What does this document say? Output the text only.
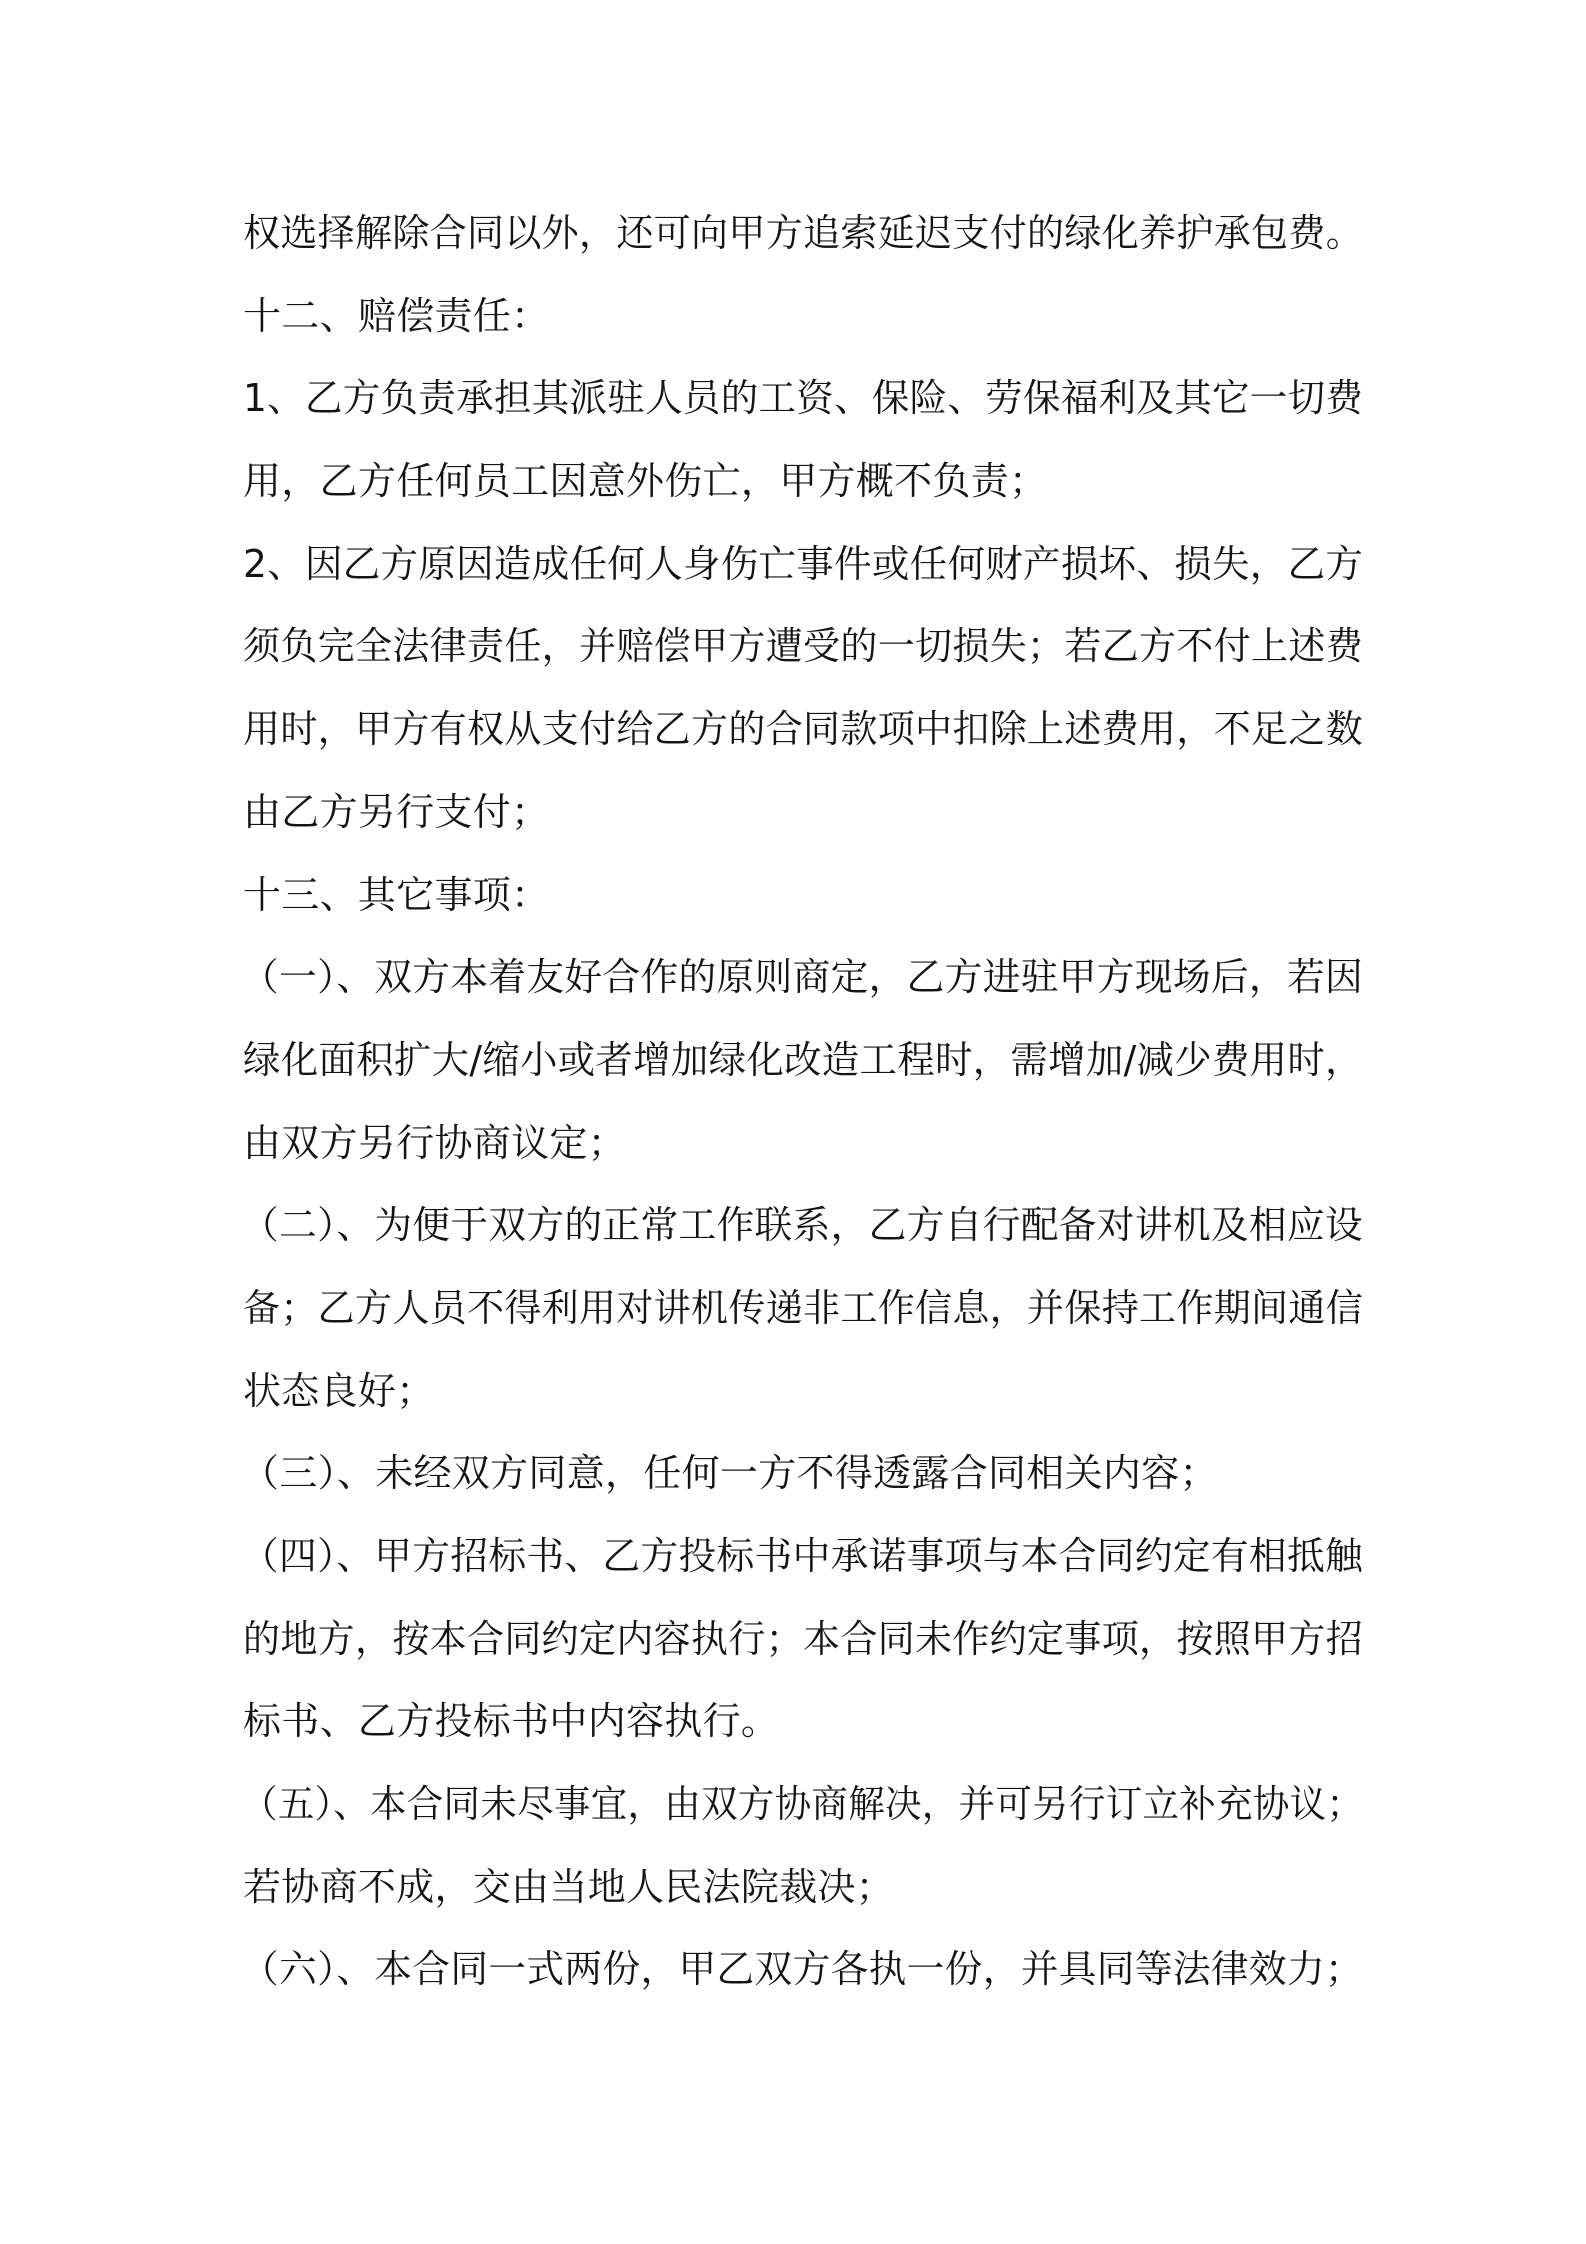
权选择解除合同以外，还可向甲方追索延迟支付的绿化养护承包费。
十二、赔偿责任：
1、乙方负责承担其派驻人员的工资、保险、劳保福利及其它一切费
用，乙方任何员工因意外伤亡，甲方概不负责；
2、因乙方原因造成任何人身伤亡事件或任何财产损坏、损失，乙方
须负完全法律责任，并赔偿甲方遭受的一切损失；若乙方不付上述费
用时，甲方有权从支付给乙方的合同款项中扣除上述费用，不足之数
由乙方另行支付；
十三、其它事项：
（一）、双方本着友好合作的原则商定，乙方进驻甲方现场后，若因
绿化面积扩大/缩小或者增加绿化改造工程时，需增加/减少费用时，
由双方另行协商议定；
（二）、为便于双方的正常工作联系，乙方自行配备对讲机及相应设
备；乙方人员不得利用对讲机传递非工作信息，并保持工作期间通信
状态良好；
（三）、未经双方同意，任何一方不得透露合同相关内容；
（四）、甲方招标书、乙方投标书中承诺事项与本合同约定有相抵触
的地方，按本合同约定内容执行；本合同未作约定事项，按照甲方招
标书、乙方投标书中内容执行。
（五）、本合同未尽事宜，由双方协商解决，并可另行订立补充协议；
若协商不成，交由当地人民法院裁决；
（六）、本合同一式两份，甲乙双方各执一份，并具同等法律效力；
